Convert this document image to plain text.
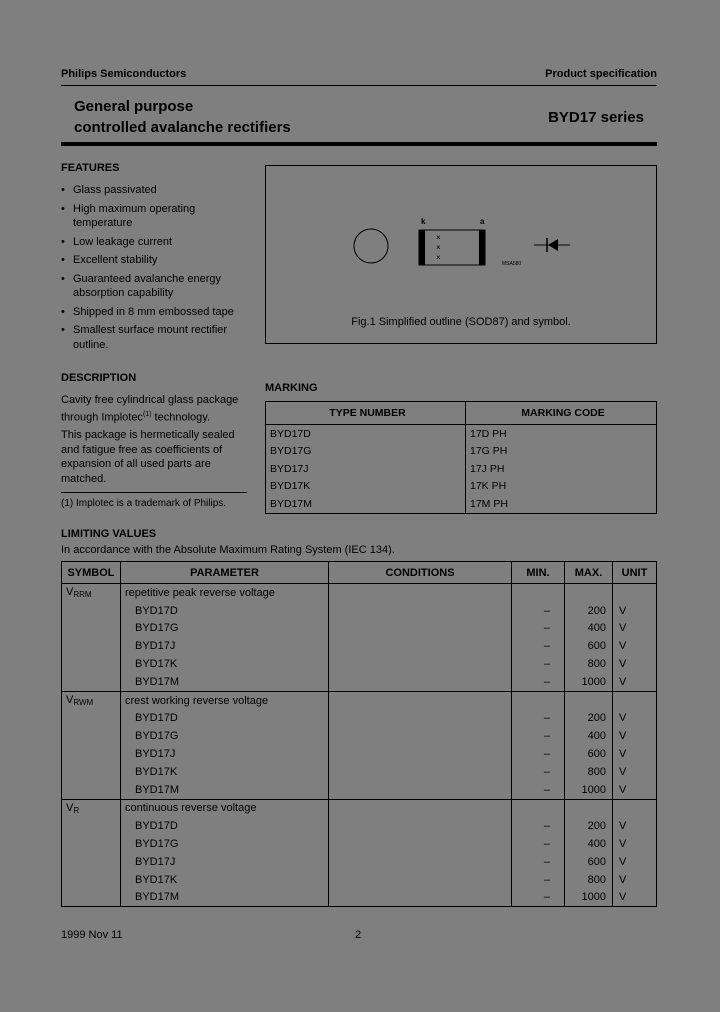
Philips Semiconductors	Product specification
General purpose
controlled avalanche rectifiers
BYD17 series
FEATURES
• Glass passivated
• High maximum operating temperature
• Low leakage current
• Excellent stability
• Guaranteed avalanche energy absorption capability
• Shipped in 8 mm embossed tape
• Smallest surface mount rectifier outline.
×
×
×
k	a
MSA580
Fig.1 Simplified outline (SOD87) and symbol.
DESCRIPTION
Cavity free cylindrical glass package through Implotec$^{(1)}$ technology.
This package is hermetically sealed and fatigue free as coefficients of expansion of all used parts are matched.
(1) Implotec is a trademark of Philips.
MARKING
TYPE NUMBER	MARKING CODE
BYD17D	17D PH
BYD17G	17G PH
BYD17J	17J PH
BYD17K	17K PH
BYD17M	17M PH
LIMITING VALUES
In accordance with the Absolute Maximum Rating System (IEC 134).
SYMBOL	PARAMETER	CONDITIONS	MIN.	MAX.	UNIT
$V_{RRM}$	repetitive peak reverse voltage				
	BYD17D		–	200	V
	BYD17G		–	400	V
	BYD17J		–	600	V
	BYD17K		–	800	V
	BYD17M		–	1000	V
$V_{RWM}$	crest working reverse voltage				
	BYD17D		–	200	V
	BYD17G		–	400	V
	BYD17J		–	600	V
	BYD17K		–	800	V
	BYD17M		–	1000	V
$V_R$	continuous reverse voltage				
	BYD17D		–	200	V
	BYD17G		–	400	V
	BYD17J		–	600	V
	BYD17K		–	800	V
	BYD17M		–	1000	V
1999 Nov 11	2
